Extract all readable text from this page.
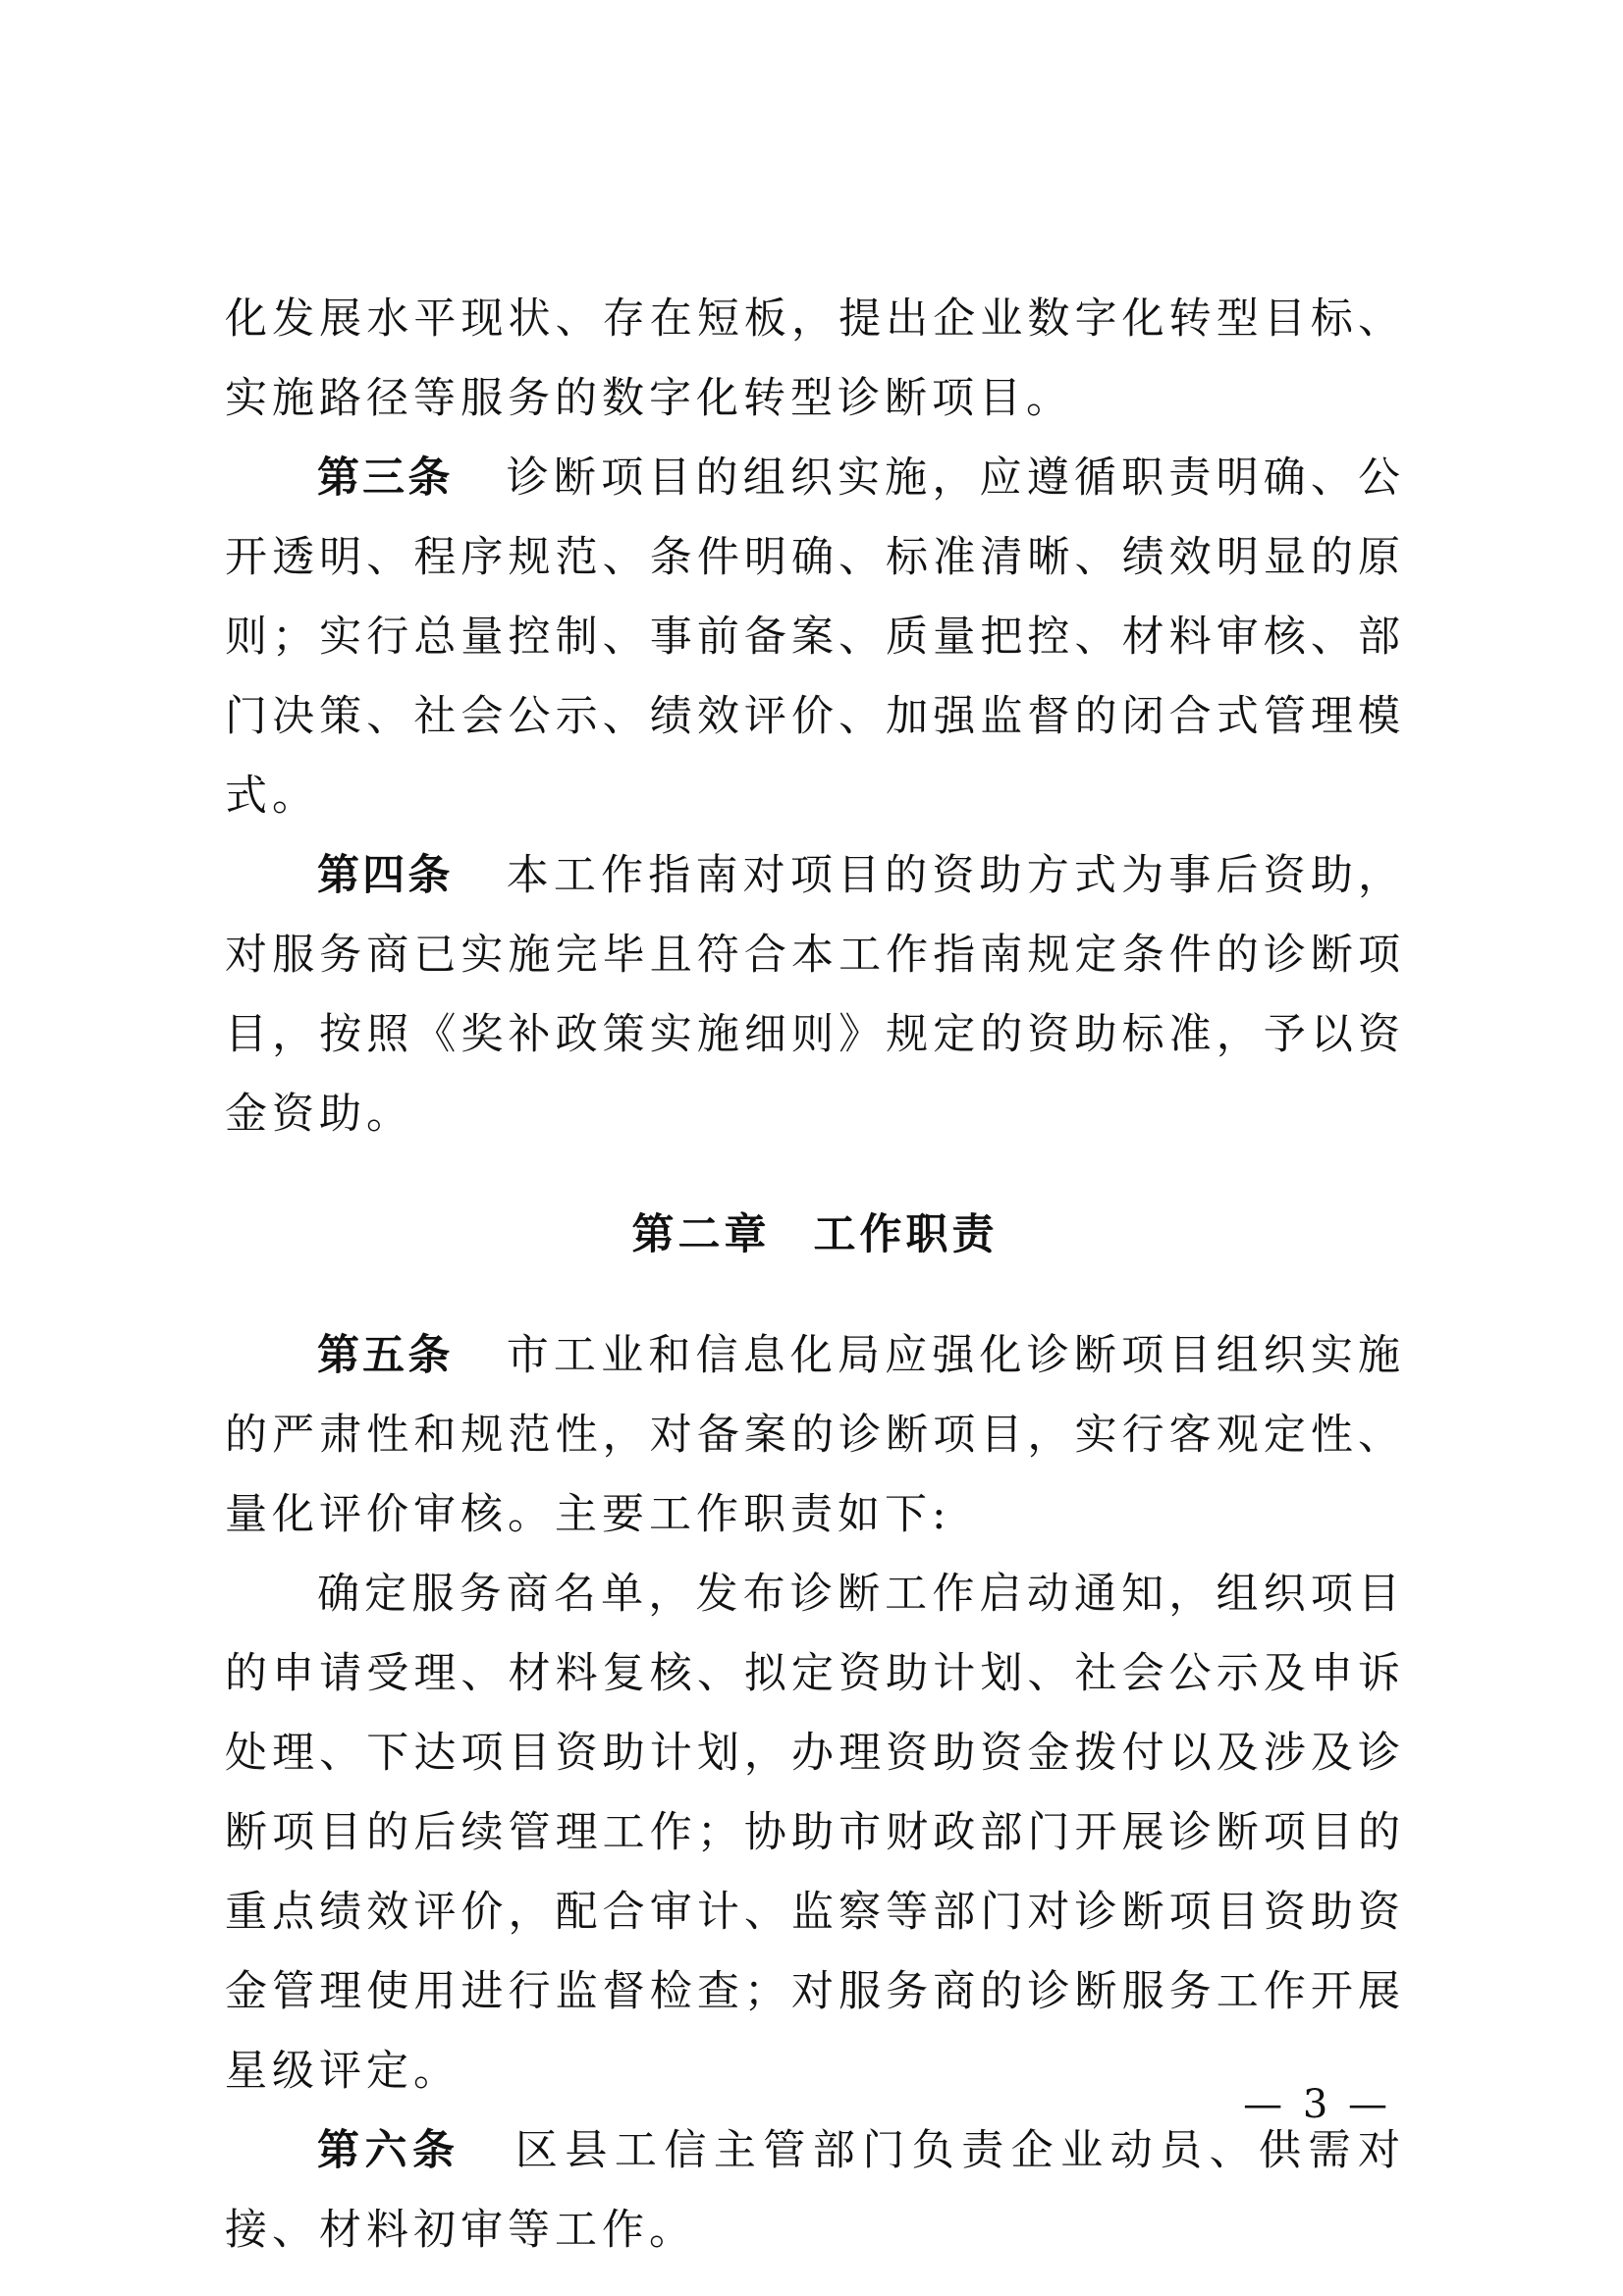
化发展水平现状、存在短板，提出企业数字化转型目标、实施路径等服务的数字化转型诊断项目。

第三条 诊断项目的组织实施，应遵循职责明确、公开透明、程序规范、条件明确、标准清晰、绩效明显的原则；实行总量控制、事前备案、质量把控、材料审核、部门决策、社会公示、绩效评价、加强监督的闭合式管理模式。

第四条 本工作指南对项目的资助方式为事后资助，对服务商已实施完毕且符合本工作指南规定条件的诊断项目，按照《奖补政策实施细则》规定的资助标准，予以资金资助。

第二章 工作职责

第五条 市工业和信息化局应强化诊断项目组织实施的严肃性和规范性，对备案的诊断项目，实行客观定性、量化评价审核。主要工作职责如下:

确定服务商名单，发布诊断工作启动通知，组织项目的申请受理、材料复核、拟定资助计划、社会公示及申诉处理、下达项目资助计划，办理资助资金拨付以及涉及诊断项目的后续管理工作；协助市财政部门开展诊断项目的重点绩效评价，配合审计、监察等部门对诊断项目资助资金管理使用进行监督检查；对服务商的诊断服务工作开展星级评定。

第六条 区县工信主管部门负责企业动员、供需对接、材料初审等工作。

— 3 —
